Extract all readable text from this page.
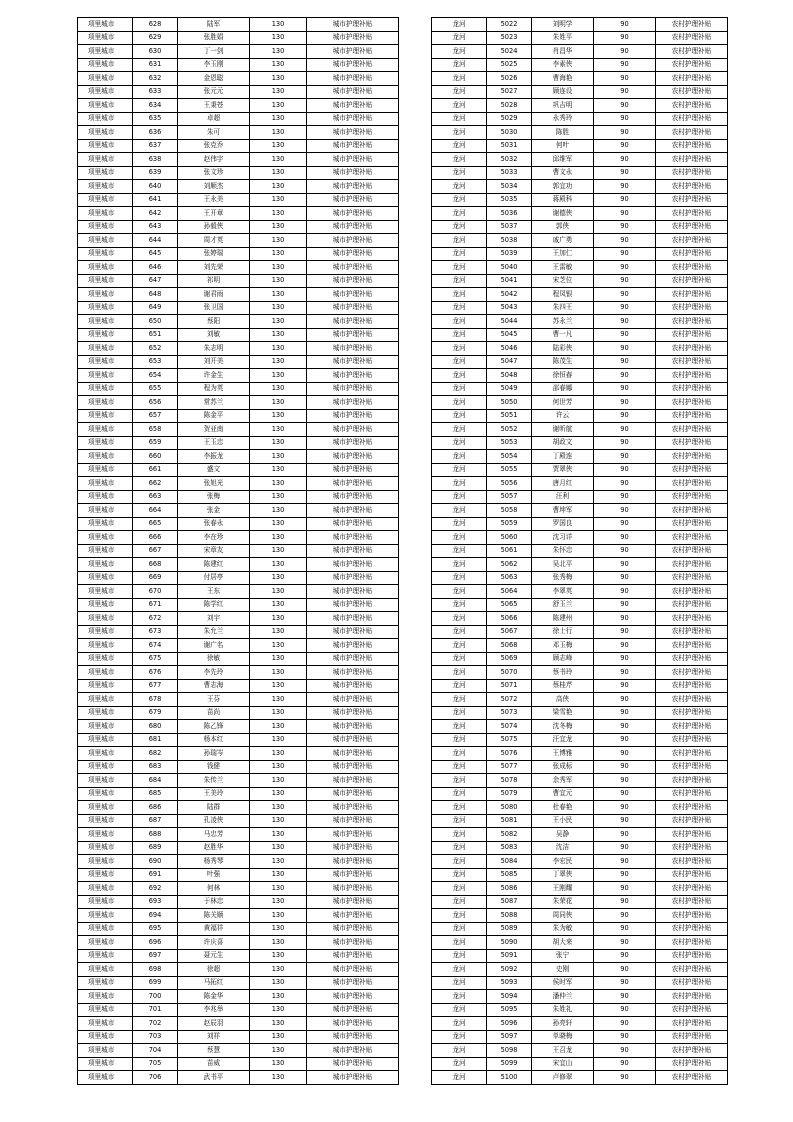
项里城市	628	陆军	130	城市护理补贴
项里城市	629	张胜娟	130	城市护理补贴
项里城市	630	丁一剑	130	城市护理补贴
项里城市	631	李玉刚	130	城市护理补贴
项里城市	632	金恩聪	130	城市护理补贴
项里城市	633	张元元	130	城市护理补贴
项里城市	634	王秉苍	130	城市护理补贴
项里城市	635	卓超	130	城市护理补贴
项里城市	636	朱可	130	城市护理补贴
项里城市	637	张克乔	130	城市护理补贴
项里城市	638	赵伟宇	130	城市护理补贴
项里城市	639	张文珍	130	城市护理补贴
项里城市	640	刘顺杰	130	城市护理补贴
项里城市	641	王永美	130	城市护理补贴
项里城市	642	王开章	130	城市护理补贴
项里城市	643	孙毅侠	130	城市护理补贴
项里城市	644	周才英	130	城市护理补贴
项里城市	645	张婷瑞	130	城市护理补贴
项里城市	646	刘先荣	130	城市护理补贴
项里城市	647	祁明	130	城市护理补贴
项里城市	648	谢君雨	130	城市护理补贴
项里城市	649	张卫国	130	城市护理补贴
项里城市	650	蔡阳	130	城市护理补贴
项里城市	651	刘敏	130	城市护理补贴
项里城市	652	朱志明	130	城市护理补贴
项里城市	653	刘开美	130	城市护理补贴
项里城市	654	许金生	130	城市护理补贴
项里城市	655	程为英	130	城市护理补贴
项里城市	656	常苏兰	130	城市护理补贴
项里城市	657	陈金平	130	城市护理补贴
项里城市	658	贺亚南	130	城市护理补贴
项里城市	659	王玉忠	130	城市护理补贴
项里城市	660	李振龙	130	城市护理补贴
项里城市	661	盛文	130	城市护理补贴
项里城市	662	张旭光	130	城市护理补贴
项里城市	663	张梅	130	城市护理补贴
项里城市	664	张金	130	城市护理补贴
项里城市	665	张春永	130	城市护理补贴
项里城市	666	李在珍	130	城市护理补贴
项里城市	667	宋章友	130	城市护理补贴
项里城市	668	陈建红	130	城市护理补贴
项里城市	669	付居亭	130	城市护理补贴
项里城市	670	王东	130	城市护理补贴
项里城市	671	陈学红	130	城市护理补贴
项里城市	672	刘宇	130	城市护理补贴
项里城市	673	朱允兰	130	城市护理补贴
项里城市	674	谢广名	130	城市护理补贴
项里城市	675	徐敏	130	城市护理补贴
项里城市	676	李先玲	130	城市护理补贴
项里城市	677	曹志海	130	城市护理补贴
项里城市	678	王芬	130	城市护理补贴
项里城市	679	苗尚	130	城市护理补贴
项里城市	680	陈乙锋	130	城市护理补贴
项里城市	681	杨本红	130	城市护理补贴
项里城市	682	孙瑞岑	130	城市护理补贴
项里城市	683	钱健	130	城市护理补贴
项里城市	684	朱传兰	130	城市护理补贴
项里城市	685	王美玲	130	城市护理补贴
项里城市	686	陆群	130	城市护理补贴
项里城市	687	孔凌侠	130	城市护理补贴
项里城市	688	马忠芳	130	城市护理补贴
项里城市	689	赵胜华	130	城市护理补贴
项里城市	690	杨秀琴	130	城市护理补贴
项里城市	691	叶强	130	城市护理补贴
项里城市	692	何林	130	城市护理补贴
项里城市	693	于林忠	130	城市护理补贴
项里城市	694	陈关顺	130	城市护理补贴
项里城市	695	黄福祥	130	城市护理补贴
项里城市	696	许庆喜	130	城市护理补贴
项里城市	697	聂元生	130	城市护理补贴
项里城市	698	徐超	130	城市护理补贴
项里城市	699	马拓红	130	城市护理补贴
项里城市	700	陈金华	130	城市护理补贴
项里城市	701	李兆举	130	城市护理补贴
项里城市	702	赵辰羽	130	城市护理补贴
项里城市	703	刘祥	130	城市护理补贴
项里城市	704	蔡慧	130	城市护理补贴
项里城市	705	苗威	130	城市护理补贴
项里城市	706	武书平	130	城市护理补贴
龙河	5022	刘明学	90	农村护理补贴
龙河	5023	朱姓平	90	农村护理补贴
龙河	5024	肖昌华	90	农村护理补贴
龙河	5025	李素侠	90	农村护理补贴
龙河	5026	曹海艳	90	农村护理补贴
龙河	5027	顾连设	90	农村护理补贴
龙河	5028	巩吉明	90	农村护理补贴
龙河	5029	永秀玲	90	农村护理补贴
龙河	5030	陈胜	90	农村护理补贴
龙河	5031	何叶	90	农村护理补贴
龙河	5032	邱维军	90	农村护理补贴
龙河	5033	曹文永	90	农村护理补贴
龙河	5034	郭宜功	90	农村护理补贴
龙河	5035	蒋殿科	90	农村护理补贴
龙河	5036	谢德侠	90	农村护理补贴
龙河	5037	郭侠	90	农村护理补贴
龙河	5038	戚广勇	90	农村护理补贴
龙河	5039	王加仁	90	农村护理补贴
龙河	5040	王雷敏	90	农村护理补贴
龙河	5041	宋芝位	90	农村护理补贴
龙河	5042	程凤银	90	农村护理补贴
龙河	5043	朱四王	90	农村护理补贴
龙河	5044	苏永兰	90	农村护理补贴
龙河	5045	曹一凡	90	农村护理补贴
龙河	5046	陆彩侠	90	农村护理补贴
龙河	5047	陈茂生	90	农村护理补贴
龙河	5048	徐恒春	90	农村护理补贴
龙河	5049	邵春娜	90	农村护理补贴
龙河	5050	何世芳	90	农村护理补贴
龙河	5051	许云	90	农村护理补贴
龙河	5052	谢昕航	90	农村护理补贴
龙河	5053	胡政文	90	农村护理补贴
龙河	5054	丁殿连	90	农村护理补贴
龙河	5055	贾翠侠	90	农村护理补贴
龙河	5056	唐月红	90	农村护理补贴
龙河	5057	汪利	90	农村护理补贴
龙河	5058	曹坤军	90	农村护理补贴
龙河	5059	罗国良	90	农村护理补贴
龙河	5060	沈习详	90	农村护理补贴
龙河	5061	朱怀忠	90	农村护理补贴
龙河	5062	吴北平	90	农村护理补贴
龙河	5063	张秀梅	90	农村护理补贴
龙河	5064	李翠英	90	农村护理补贴
龙河	5065	舒玉兰	90	农村护理补贴
龙河	5066	陈建州	90	农村护理补贴
龙河	5067	徐士行	90	农村护理补贴
龙河	5068	邓玉梅	90	农村护理补贴
龙河	5069	顾志峰	90	农村护理补贴
龙河	5070	蔡书玲	90	农村护理补贴
龙河	5071	蔡桂芹	90	农村护理补贴
龙河	5072	高侠	90	农村护理补贴
龙河	5073	梁雪艳	90	农村护理补贴
龙河	5074	沈冬梅	90	农村护理补贴
龙河	5075	汪宜龙	90	农村护理补贴
龙河	5076	王博雅	90	农村护理补贴
龙河	5077	张成标	90	农村护理补贴
龙河	5078	余秀军	90	农村护理补贴
龙河	5079	曹宜元	90	农村护理补贴
龙河	5080	杜春艳	90	农村护理补贴
龙河	5081	王小民	90	农村护理补贴
龙河	5082	吴静	90	农村护理补贴
龙河	5083	沈洁	90	农村护理补贴
龙河	5084	李宏民	90	农村护理补贴
龙河	5085	丁翠侠	90	农村护理补贴
龙河	5086	王刚耀	90	农村护理补贴
龙河	5087	朱荣花	90	农村护理补贴
龙河	5088	周同侠	90	农村护理补贴
龙河	5089	朱为敏	90	农村护理补贴
龙河	5090	胡大来	90	农村护理补贴
龙河	5091	张宁	90	农村护理补贴
龙河	5092	史刚	90	农村护理补贴
龙河	5093	侯时军	90	农村护理补贴
龙河	5094	潘仲兰	90	农村护理补贴
龙河	5095	朱姓礼	90	农村护理补贴
龙河	5096	孙亮轩	90	农村护理补贴
龙河	5097	单晓梅	90	农村护理补贴
龙河	5098	王召龙	90	农村护理补贴
龙河	5099	宋宜山	90	农村护理补贴
龙河	5100	卢修翠	90	农村护理补贴
